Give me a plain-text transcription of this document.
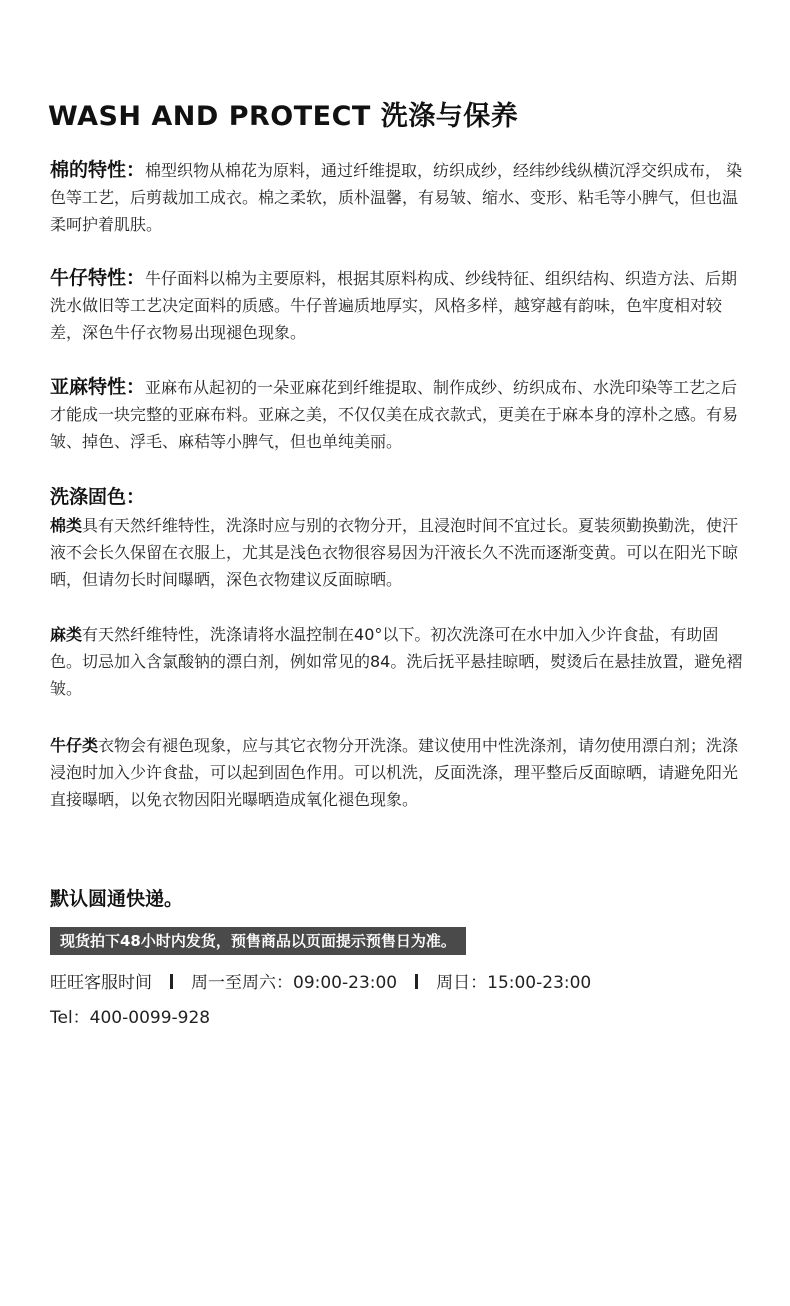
WASH AND PROTECT 洗涤与保养

棉的特性：棉型织物从棉花为原料，通过纤维提取，纺织成纱，经纬纱线纵横沉浮交织成布， 染色等工艺，后剪裁加工成衣。棉之柔软，质朴温馨，有易皱、缩水、变形、粘毛等小脾气，但也温柔呵护着肌肤。

牛仔特性：牛仔面料以棉为主要原料，根据其原料构成、纱线特征、组织结构、织造方法、后期洗水做旧等工艺决定面料的质感。牛仔普遍质地厚实，风格多样，越穿越有韵味，色牢度相对较差，深色牛仔衣物易出现褪色现象。

亚麻特性：亚麻布从起初的一朵亚麻花到纤维提取、制作成纱、纺织成布、水洗印染等工艺之后才能成一块完整的亚麻布料。亚麻之美，不仅仅美在成衣款式，更美在于麻本身的淳朴之感。有易皱、掉色、浮毛、麻秸等小脾气，但也单纯美丽。

洗涤固色：

棉类具有天然纤维特性，洗涤时应与别的衣物分开，且浸泡时间不宜过长。夏装须勤换勤洗，使汗液不会长久保留在衣服上，尤其是浅色衣物很容易因为汗液长久不洗而逐渐变黄。可以在阳光下晾晒，但请勿长时间曝晒，深色衣物建议反面晾晒。

麻类有天然纤维特性，洗涤请将水温控制在40°以下。初次洗涤可在水中加入少许食盐，有助固色。切忌加入含氯酸钠的漂白剂，例如常见的84。洗后抚平悬挂晾晒，熨烫后在悬挂放置，避免褶皱。

牛仔类衣物会有褪色现象，应与其它衣物分开洗涤。建议使用中性洗涤剂，请勿使用漂白剂；洗涤浸泡时加入少许食盐，可以起到固色作用。可以机洗，反面洗涤，理平整后反面晾晒，请避免阳光直接曝晒，以免衣物因阳光曝晒造成氧化褪色现象。

默认圆通快递。
现货拍下48小时内发货，预售商品以页面提示预售日为准。
旺旺客服时间 周一至周六：09:00-23:00 周日：15:00-23:00
Tel：400-0099-928
